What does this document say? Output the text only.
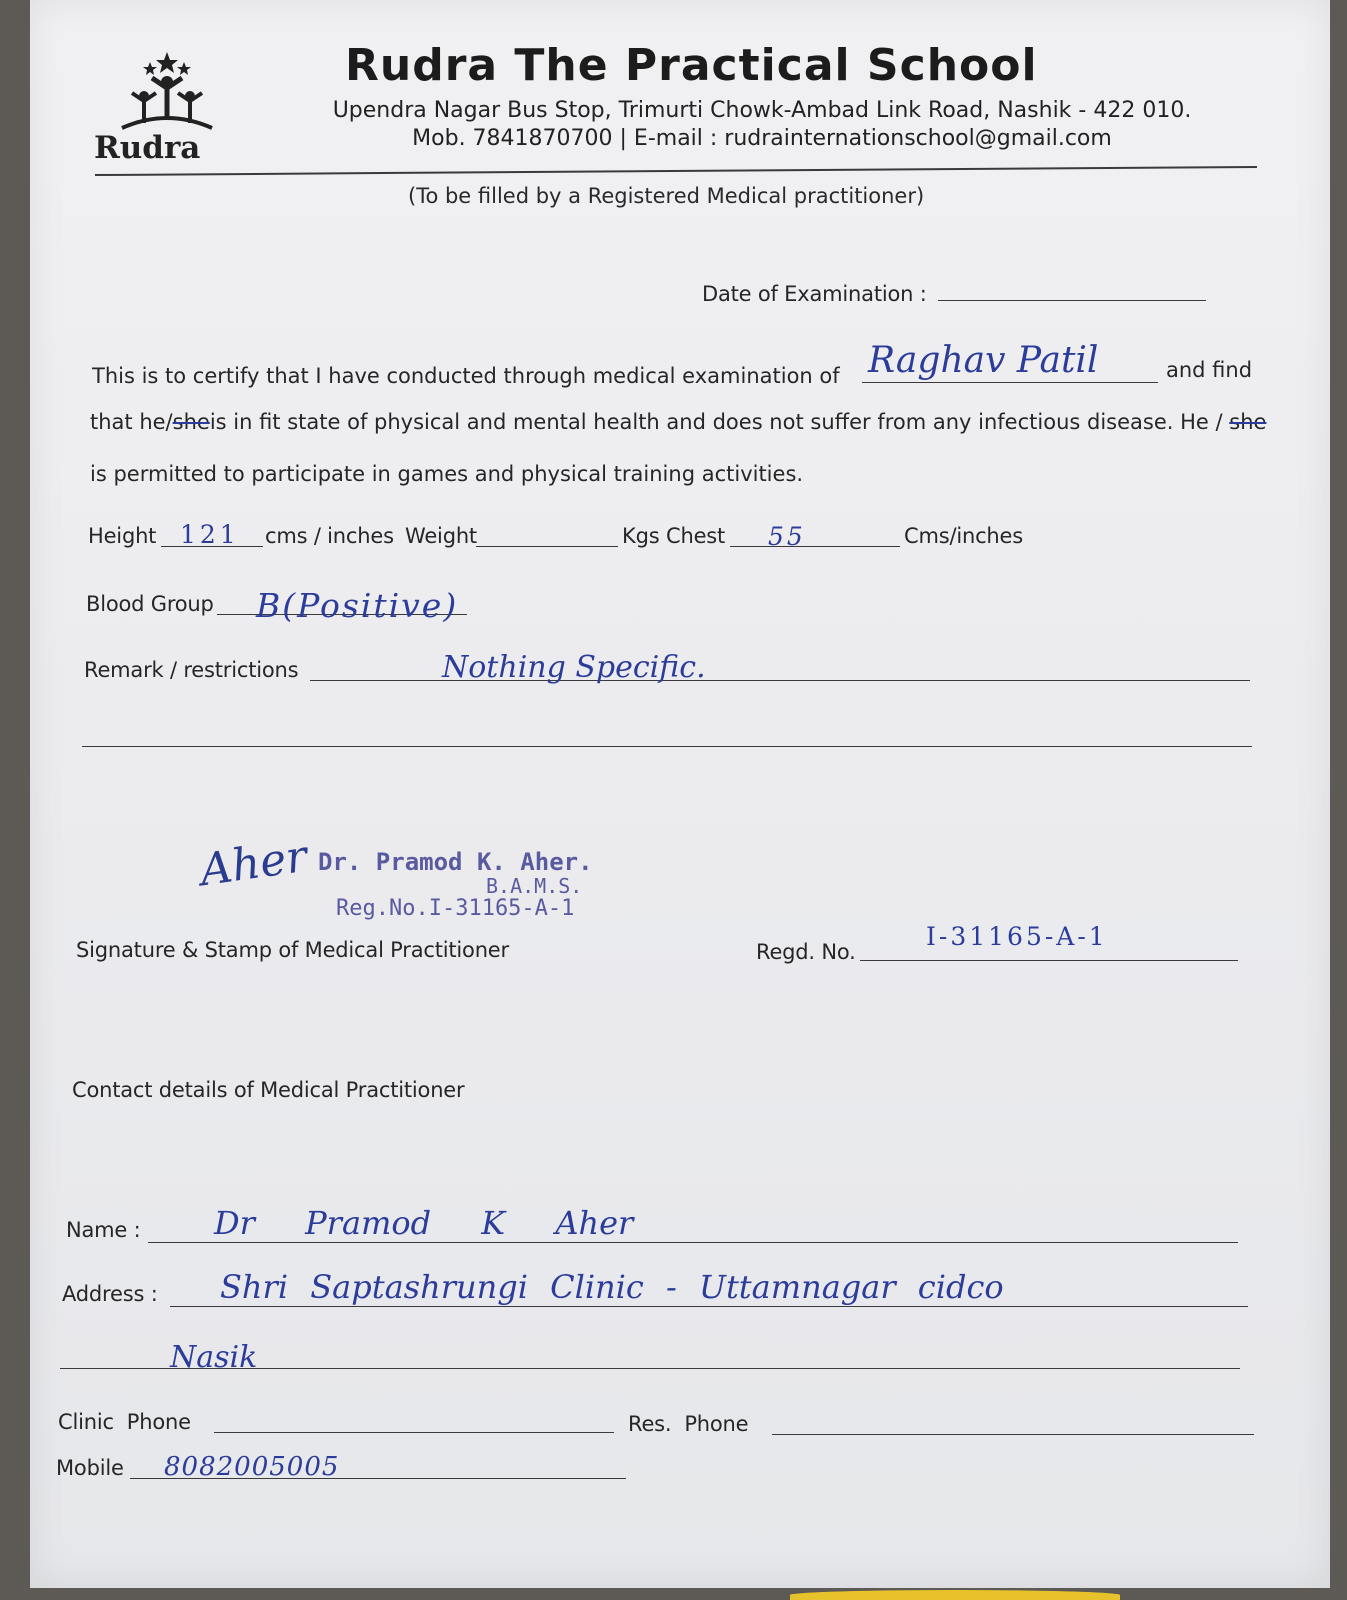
Rudra
Rudra The Practical School
Upendra Nagar Bus Stop, Trimurti Chowk-Ambad Link Road, Nashik - 422 010.
Mob. 7841870700 | E-mail : rudrainternationschool@gmail.com
(To be filled by a Registered Medical practitioner)
Date of Examination :
This is to certify that I have conducted through medical examination of Raghav Patil	and find
that he/sheis in fit state of physical and mental health and does not suffer from any infectious disease. He / she
is permitted to participate in games and physical training activities.
Height 121 cms / inches Weight	Kgs Chest 55	Cms/inches
Blood Group B(Positive)
Remark / restrictions	Nothing Specific.
Aher Dr. Pramod K. Aher.
B.A.M.S.
Reg.No.I-31165-A-1
Signature & Stamp of Medical Practitioner	Regd. No.
I-31165-A-1
Contact details of Medical Practitioner
Name : Dr Pramod K Aher
Address : Shri Saptashrungi Clinic - Uttamnagar cidco
Nasik
Clinic  Phone	Res.  Phone
Mobile 8082005005
